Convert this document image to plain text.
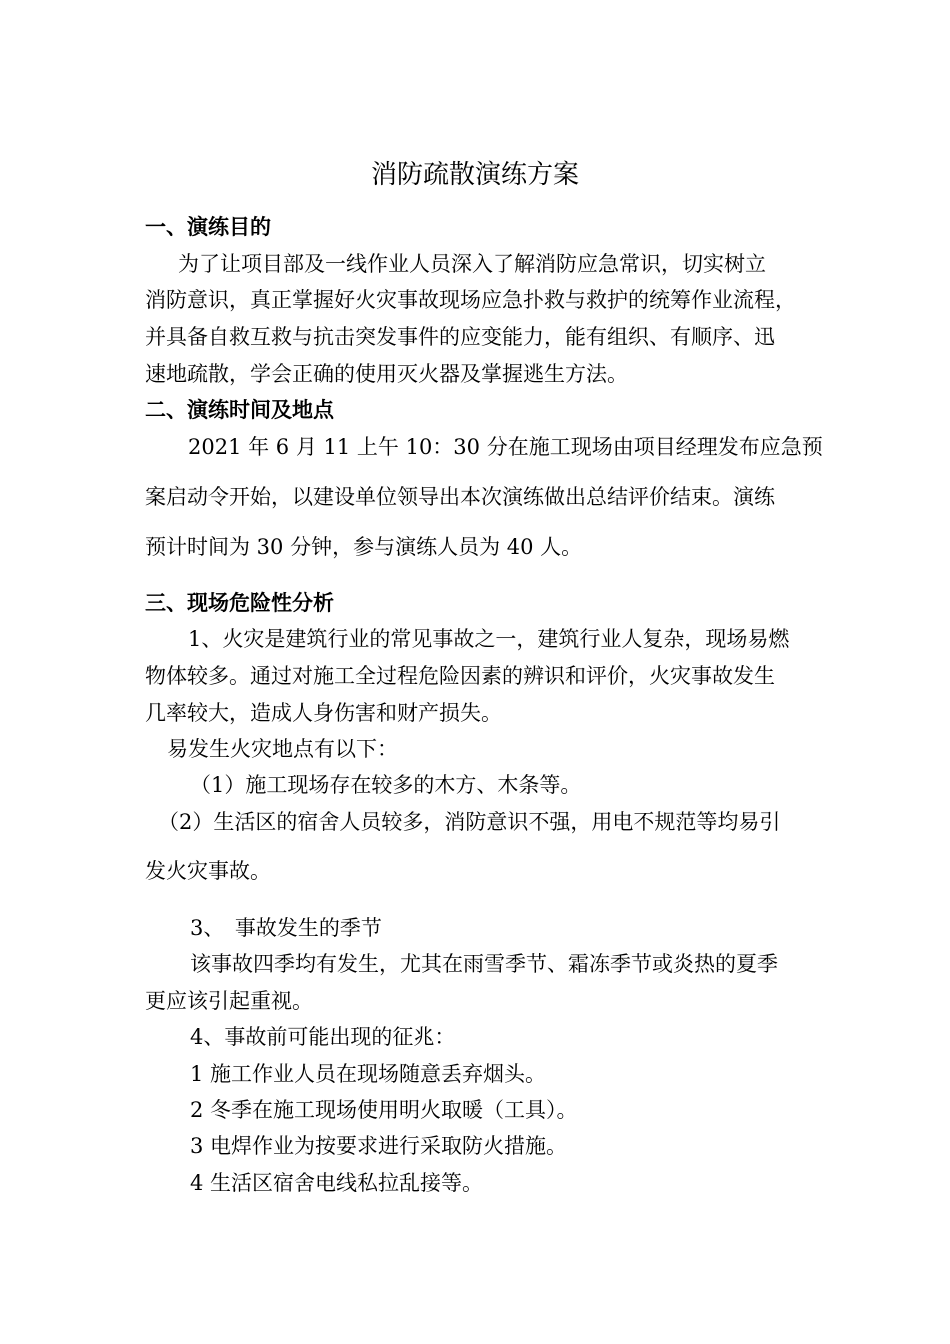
消防疏散演练方案
一、演练目的
为了让项目部及一线作业人员深入了解消防应急常识，切实树立
消防意识，真正掌握好火灾事故现场应急扑救与救护的统筹作业流程，
并具备自救互救与抗击突发事件的应变能力，能有组织、有顺序、迅
速地疏散，学会正确的使用灭火器及掌握逃生方法。
二、演练时间及地点
2021 年 6 月 11 上午 10：30 分在施工现场由项目经理发布应急预
案启动令开始，以建设单位领导出本次演练做出总结评价结束。演练
预计时间为 30 分钟，参与演练人员为 40 人。
三、现场危险性分析
1、火灾是建筑行业的常见事故之一，建筑行业人复杂，现场易燃
物体较多。通过对施工全过程危险因素的辨识和评价，火灾事故发生
几率较大，造成人身伤害和财产损失。
易发生火灾地点有以下：
（1）施工现场存在较多的木方、木条等。
（2）生活区的宿舍人员较多，消防意识不强，用电不规范等均易引
发火灾事故。
3、　事故发生的季节
该事故四季均有发生，尤其在雨雪季节、霜冻季节或炎热的夏季
更应该引起重视。
4、事故前可能出现的征兆：
1 施工作业人员在现场随意丢弃烟头。
2 冬季在施工现场使用明火取暖（工具）。
3 电焊作业为按要求进行采取防火措施。
4 生活区宿舍电线私拉乱接等。
